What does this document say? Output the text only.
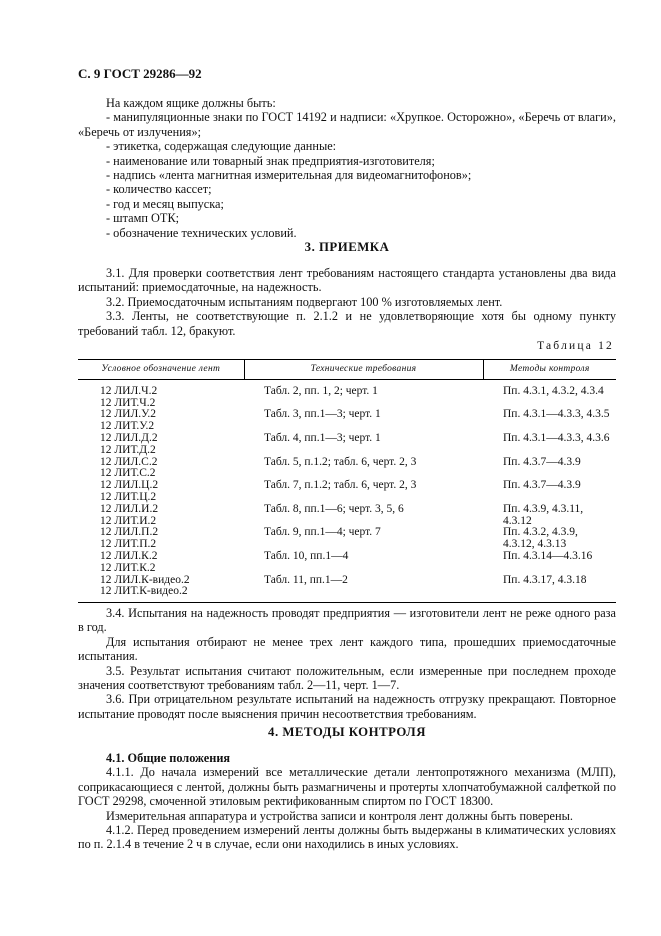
С. 9 ГОСТ 29286—92

На каждом ящике должны быть:

- манипуляционные знаки по ГОСТ 14192 и надписи: «Хрупкое. Осторожно», «Беречь от влаги», «Беречь от излучения»;

- этикетка, содержащая следующие данные:

- наименование или товарный знак предприятия-изготовителя;

- надпись «лента магнитная измерительная для видеомагнитофонов»;

- количество кассет;

- год и месяц выпуска;

- штамп ОТК;

- обозначение технических условий.

3. ПРИЕМКА

3.1. Для проверки соответствия лент требованиям настоящего стандарта установлены два вида испытаний: приемосдаточные, на надежность.

3.2. Приемосдаточным испытаниям подвергают 100 % изготовляемых лент.

3.3. Ленты, не соответствующие п. 2.1.2 и не удовлетворяющие хотя бы одному пункту требований табл. 12, бракуют.

Таблица 12
Условное обозначение лент	Технические требования	Методы контроля

12 ЛИЛ.Ч.2
12 ЛИТ.Ч.2	Табл. 2, пп. 1, 2; черт. 1	Пп. 4.3.1, 4.3.2, 4.3.4

12 ЛИЛ.У.2
12 ЛИТ.У.2	Табл. 3, пп.1—3; черт. 1	Пп. 4.3.1—4.3.3, 4.3.5

12 ЛИЛ.Д.2
12 ЛИТ.Д.2	Табл. 4, пп.1—3; черт. 1	Пп. 4.3.1—4.3.3, 4.3.6

12 ЛИЛ.С.2
12 ЛИТ.С.2	Табл. 5, п.1.2; табл. 6, черт. 2, 3	Пп. 4.3.7—4.3.9

12 ЛИЛ.Ц.2
12 ЛИТ.Ц.2	Табл. 7, п.1.2; табл. 6, черт. 2, 3	Пп. 4.3.7—4.3.9

12 ЛИЛ.И.2
12 ЛИТ.И.2	Табл. 8, пп.1—6; черт. 3, 5, 6	Пп. 4.3.9, 4.3.11, 4.3.12

12 ЛИЛ.П.2
12 ЛИТ.П.2	Табл. 9, пп.1—4; черт. 7	Пп. 4.3.2, 4.3.9, 4.3.12, 4.3.13

12 ЛИЛ.К.2
12 ЛИТ.К.2	Табл. 10, пп.1—4	Пп. 4.3.14—4.3.16

12 ЛИЛ.К-видео.2
12 ЛИТ.К-видео.2	Табл. 11, пп.1—2	Пп. 4.3.17, 4.3.18

3.4. Испытания на надежность проводят предприятия — изготовители лент не реже одного раза в год.

Для испытания отбирают не менее трех лент каждого типа, прошедших приемосдаточные испытания.

3.5. Результат испытания считают положительным, если измеренные при последнем проходе значения соответствуют требованиям табл. 2—11, черт. 1—7.

3.6. При отрицательном результате испытаний на надежность отгрузку прекращают. Повторное испытание проводят после выяснения причин несоответствия требованиям.

4. МЕТОДЫ КОНТРОЛЯ

4.1. Общие положения

4.1.1. До начала измерений все металлические детали лентопротяжного механизма (МЛП), соприкасающиеся с лентой, должны быть размагничены и протерты хлопчатобумажной салфеткой по ГОСТ 29298, смоченной этиловым ректификованным спиртом по ГОСТ 18300.

Измерительная аппаратура и устройства записи и контроля лент должны быть поверены.

4.1.2. Перед проведением измерений ленты должны быть выдержаны в климатических условиях по п. 2.1.4 в течение 2 ч в случае, если они находились в иных условиях.
